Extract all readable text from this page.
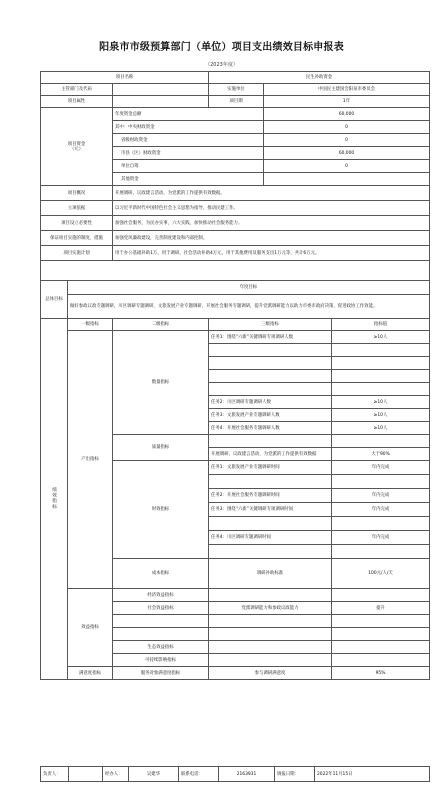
阳泉市市级预算部门（单位）项目支出绩效目标申报表
（2023年度）
项目名称			民生补助资金		
主管部门及代码			实施单位	中国民主建国会阳泉市委员会	
项目属性			项目期	1年	
项目资金
（元）		年度资金总额		60,000	
		其中：中央财政资金		0	
		省级财政资金		0	
		市县（区）财政资金		60,000	
		单位自筹		0	
		其他资金			
项目概况		开展调研、议政建言活动，为党派的工作提供有效数据。			
立项依据		以习近平新时代中国特色社会主义思想为指导，推动民建工作。			
项目设立必要性		加强社会服务，为民办实事，六大实践，加快推动社会服务能力。			
保证项目实施的制度、措施		加强党风廉政建设，完善制度建设和内部控制。			
项目实施计划		用于办公基础补助1万、用于调研、社会活动补助4万元，用于其他费用及服务支出1万元等，共计6万元。			

总体目标	年度目标				
	做好参政议政专题调研，川区调研专题调研，文旅发展产业专题调研，开展社会服务专题调研，提升党派调研能力以助力市委市政府决策，促进政协工作效能。				
绩效指标	一级指标	二级指标	三级指标		指标值
	产出指标	数量指标	任务1：围绕“六新”关键调研专项调研人数		≥10人

			任务2：川区调研专题调研人数		≥10人
			任务3：文旅发展产业专题调研人数		≥10人
			任务4：开展社会服务专题调研人数		≥10人
		质量指标			
			开展调研、议政建言活动，为党派的工作提供有效数据		大于90%
		时效指标	任务1：文旅发展产业专题调研时间		年内完成

			任务2：开展社会服务专题调研时间		年内完成
			任务3：围绕“六新”关键调研专项调研时间		年内完成

			任务4：川区调研专题调研时间		年内完成

		成本指标	调研补助标准		100元/人/天
	效益指标	经济效益指标			
		社会效益指标	党派调研能力和参政议政能力		提升

		生态效益指标			
		可持续影响指标			
	满意度指标	服务对象满意度指标	参与调研满意度		95%
负责人：		经办人：	吴建华	联系电话：	2163931	填报日期：	2022年11月15日
